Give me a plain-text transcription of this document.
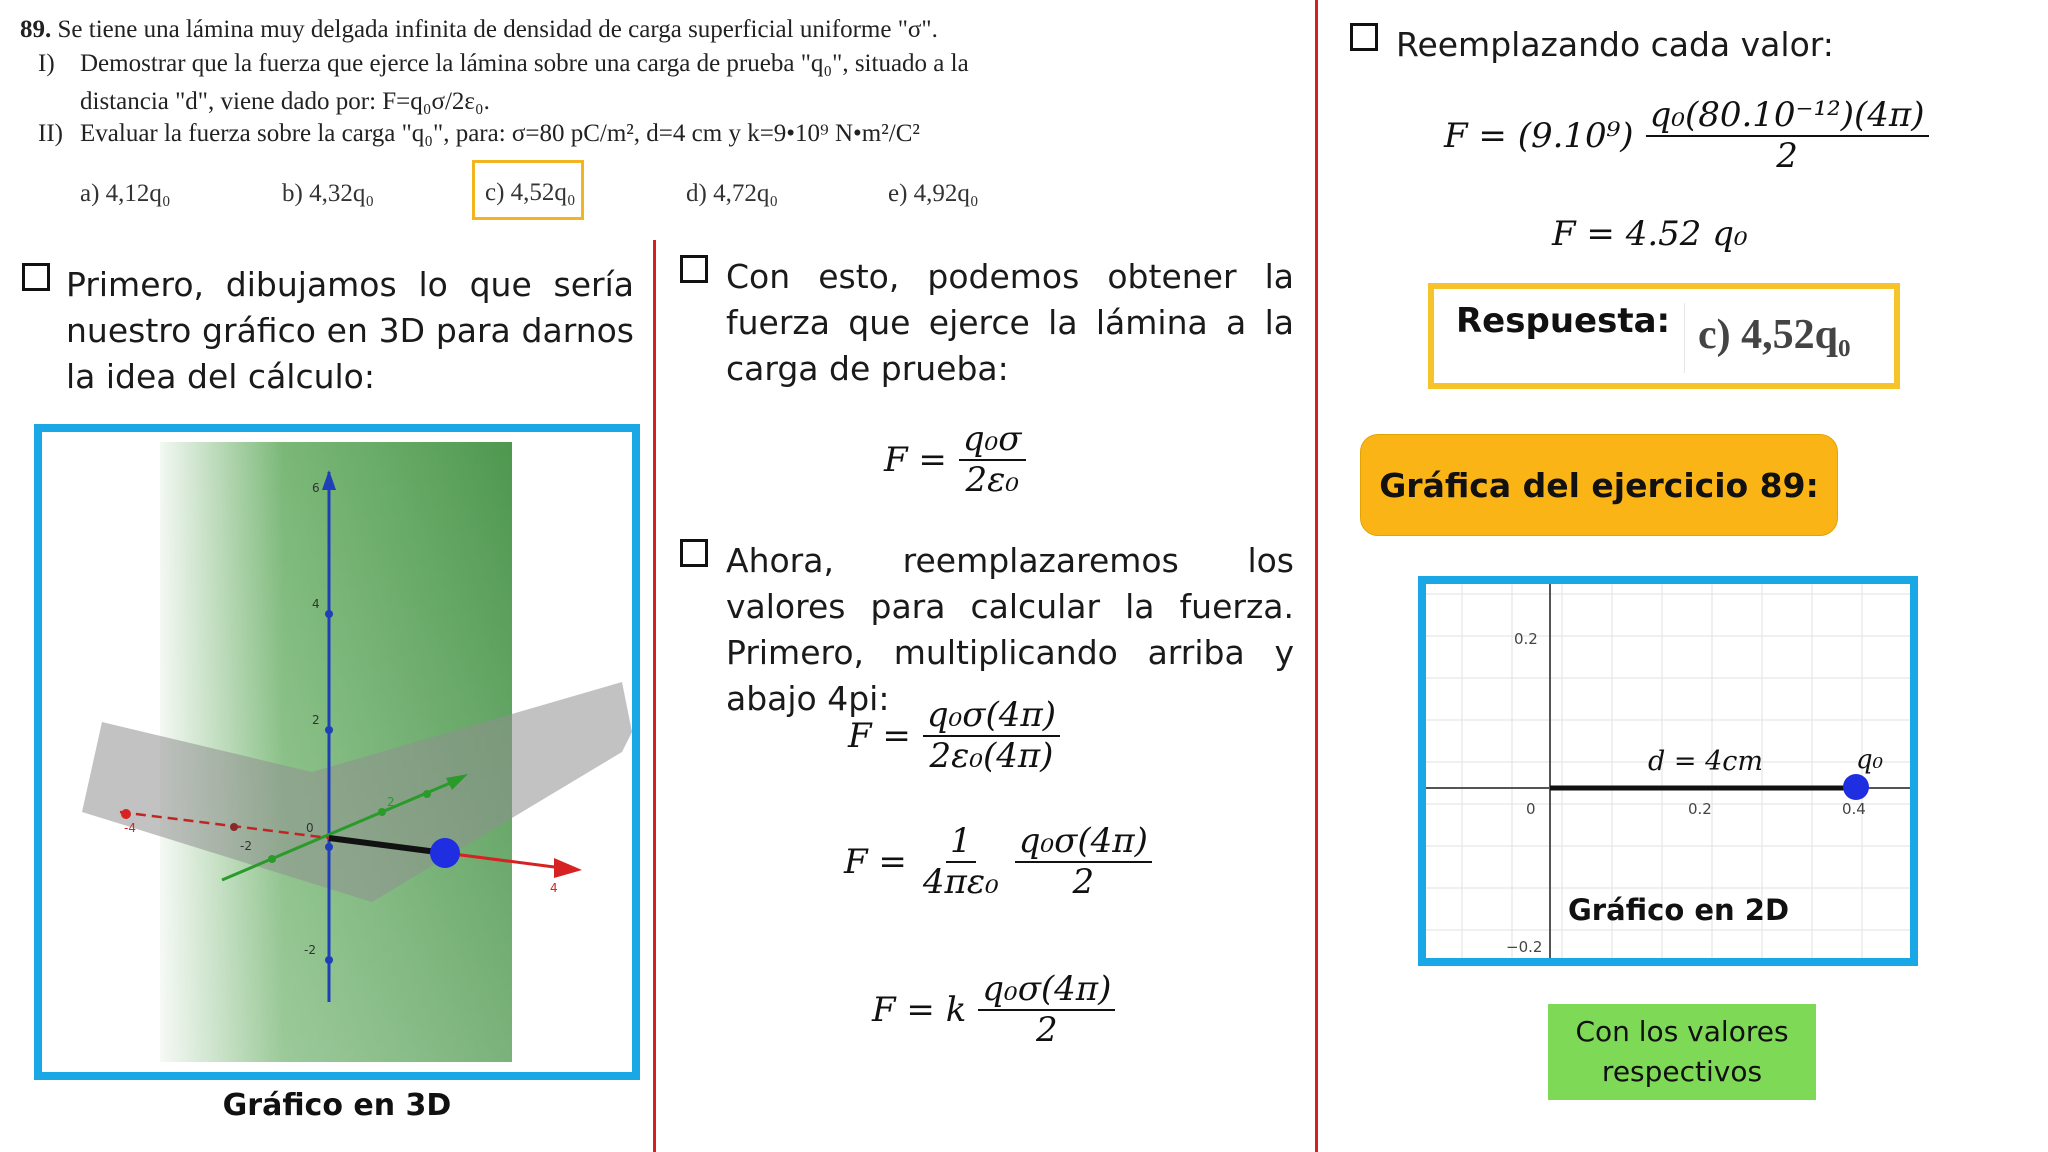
89. Se tiene una lámina muy delgada infinita de densidad de carga superficial uniforme "σ".
I) Demostrar que la fuerza que ejerce la lámina sobre una carga de prueba "q₀", situado a la
distancia "d", viene dado por: F=q₀σ/2ε₀.
II) Evaluar la fuerza sobre la carga "q₀", para: σ=80 pC/m², d=4 cm y k=9•10⁹ N•m²/C²
a) 4,12q₀	b) 4,32q₀	c) 4,52q₀	d) 4,72q₀	e) 4,92q₀
Primero, dibujamos lo que sería nuestro gráfico en 3D para darnos la idea del cálculo:
6
4
2
-2
-4
-2
4
2
0
Gráfico en 3D
Con esto, podemos obtener la fuerza que ejerce la lámina a la carga de prueba:
$F = \frac{\text{q₀σ}}{\text{2ε₀}}$
Ahora, reemplazaremos los valores para calcular la fuerza. Primero, multiplicando arriba y abajo 4pi:
$F = \frac{\text{q₀σ(4π)}}{\text{2ε₀(4π)}}$
$F = \frac{1}{\text{4πε₀}} \frac{\text{q₀σ(4π)}}{2}$
F = k $\frac{\text{q₀σ(4π)}}{2}$
Reemplazando cada valor:
$F = (9.10^9) \frac{\text{q₀(80.10⁻¹²)(4π)}}{2}$
F = 4.52 q₀
Respuesta: c) 4,52q₀
Gráfica del ejercicio 89:
0.2
0
−0.2
0.2	0.4
d = 4cm	q₀
Gráfico en 2D
Con los valores respectivos
